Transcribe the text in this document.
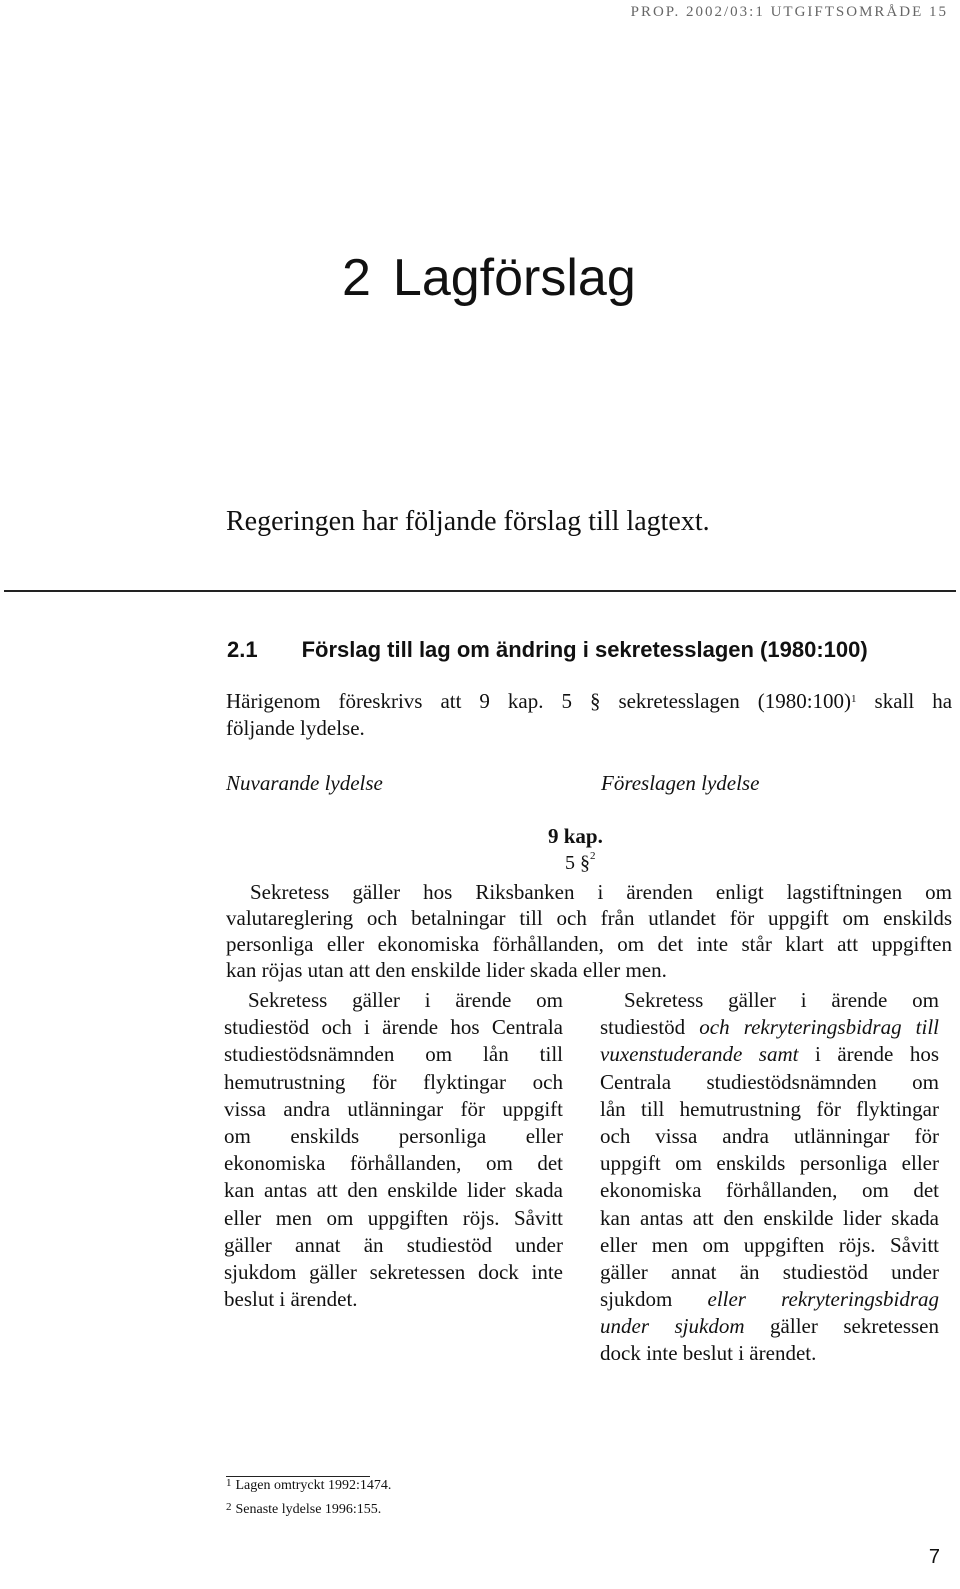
PROP. 2002/03:1 UTGIFTSOMRÅDE 15
2 Lagförslag
Regeringen har följande förslag till lagtext.
2.1 Förslag till lag om ändring i sekretesslagen (1980:100)
Härigenom föreskrivs att 9 kap. 5 § sekretesslagen (1980:100)$^1$ skall ha
följande lydelse.
Nuvarande lydelse	Föreslagen lydelse
9 kap.
5 §$^2$
Sekretess gäller hos Riksbanken i ärenden enligt lagstiftningen om
valutareglering och betalningar till och från utlandet för uppgift om enskilds
personliga eller ekonomiska förhållanden, om det inte står klart att uppgiften
kan röjas utan att den enskilde lider skada eller men.
Sekretess gäller i ärende om
studiestöd och i ärende hos Centrala
studiestödsnämnden om lån till
hemutrustning för flyktingar och
vissa andra utlänningar för uppgift
om enskilds personliga eller
ekonomiska förhållanden, om det
kan antas att den enskilde lider skada
eller men om uppgiften röjs. Såvitt
gäller annat än studiestöd under
sjukdom gäller sekretessen dock inte
beslut i ärendet.
Sekretess gäller i ärende om
studiestöd och rekryteringsbidrag till
vuxenstuderande samt i ärende hos
Centrala studiestödsnämnden om
lån till hemutrustning för flyktingar
och vissa andra utlänningar för
uppgift om enskilds personliga eller
ekonomiska förhållanden, om det
kan antas att den enskilde lider skada
eller men om uppgiften röjs. Såvitt
gäller annat än studiestöd under
sjukdom eller rekryteringsbidrag
under sjukdom gäller sekretessen
dock inte beslut i ärendet.
$^1$ Lagen omtryckt 1992:1474.
$^2$ Senaste lydelse 1996:155.
7
